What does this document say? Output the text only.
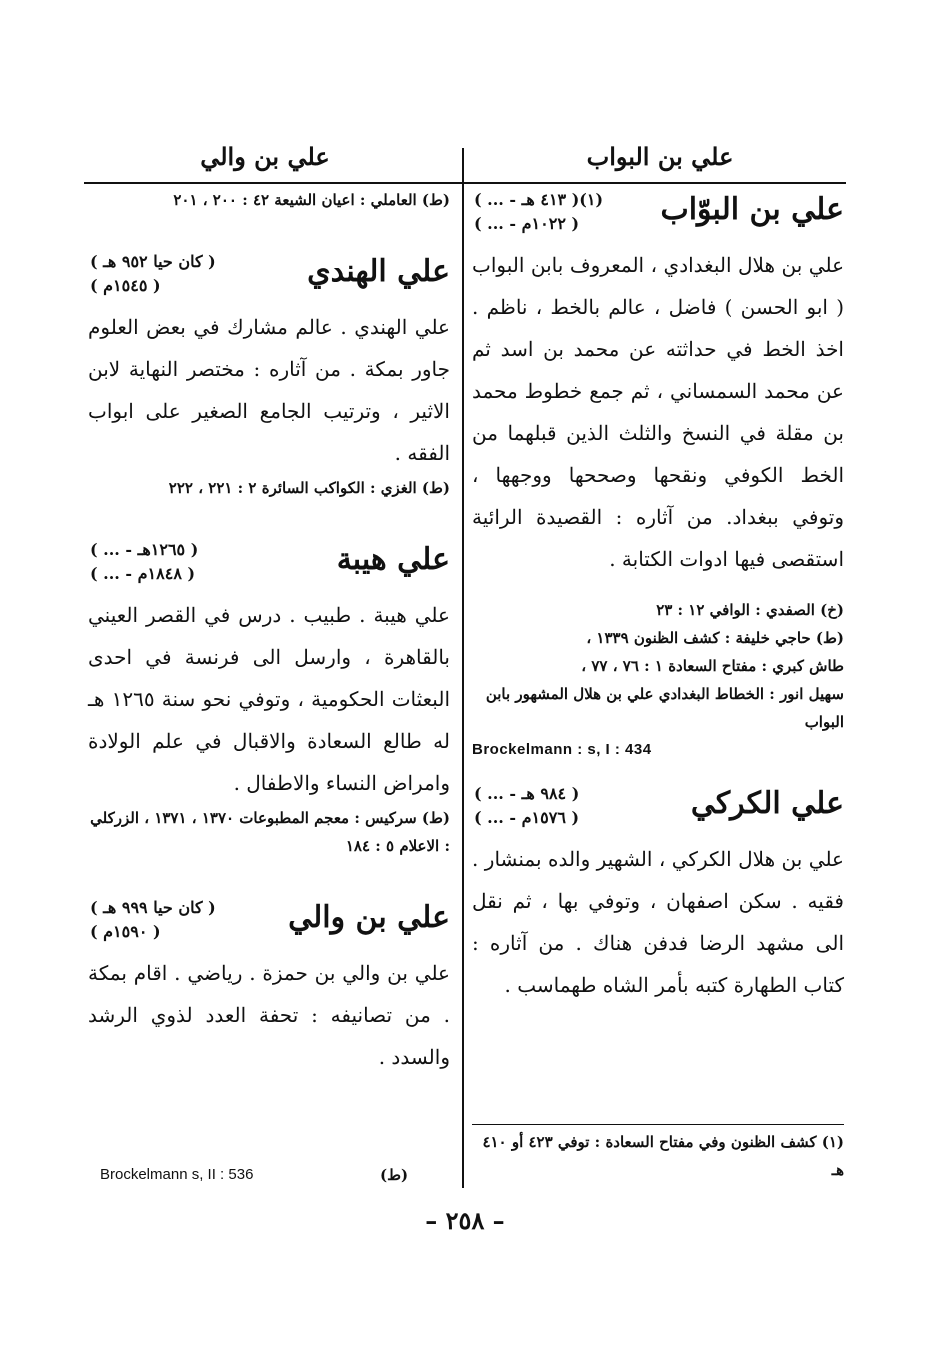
علي بن البواب
علي بن والي
علي بن البوّاب
( ... - ٤١٣ هـ )(١)
( ... - ١٠٢٢م )

علي بن هلال البغدادي ، المعروف بابن البواب ( ابو الحسن ) فاضل ، عالم بالخط ، ناظم . اخذ الخط في حداثته عن محمد بن اسد ثم عن محمد السمساني ، ثم جمع خطوط محمد بن مقلة في النسخ والثلث الذين قبلهما من الخط الكوفي ونقحها وصححها ووجهها ، وتوفي ببغداد. من آثاره : القصيدة الرائية استقصى فيها ادوات الكتابة .

(خ) الصفدي : الوافي ١٢ : ٢٣

(ط) حاجي خليفة : كشف الظنون ١٣٣٩ ،

طاش كبري : مفتاح السعادة ١ : ٧٦ ، ٧٧ ،

سهيل انور : الخطاط البغدادي علي بن هلال المشهور بابن البواب

Brockelmann : s, I : 434

علي الكركي
( ... - ٩٨٤ هـ )
( ... - ١٥٧٦م )

علي بن هلال الكركي ، الشهير والده بمنشار . فقيه . سكن اصفهان ، وتوفي بها ، ثم نقل الى مشهد الرضا فدفن هناك . من آثاره : كتاب الطهارة كتبه بأمر الشاه طهماسب .

(١) كشف الظنون وفي مفتاح السعادة : توفي ٤٢٣ أو ٤١٠ هـ

(ط) العاملي : اعيان الشيعة ٤٢ : ٢٠٠ ، ٢٠١

علي الهندي
( كان حيا ٩٥٢ هـ )
( ١٥٤٥م )

علي الهندي . عالم مشارك في بعض العلوم جاور بمكة . من آثاره : مختصر النهاية لابن الاثير ، وترتيب الجامع الصغير على ابواب الفقه .

(ط) الغزي : الكواكب السائرة ٢ : ٢٢١ ، ٢٢٢

علي هيبة
( ... - ١٢٦٥هـ )
( ... - ١٨٤٨م )

علي هيبة . طبيب . درس في القصر العيني بالقاهرة ، وارسل الى فرنسة في احدى البعثات الحكومية ، وتوفي نحو سنة ١٢٦٥ هـ له طالع السعادة والاقبال في علم الولادة وامراض النساء والاطفال .

(ط) سركيس : معجم المطبوعات ١٣٧٠ ، ١٣٧١ ، الزركلي : الاعلام ٥ : ١٨٤

علي بن والي
( كان حيا ٩٩٩ هـ )
( ١٥٩٠م )

علي بن والي بن حمزة . رياضي . اقام بمكة . من تصانيفه : تحفة العدد لذوي الرشد والسدد .

Brockelmann s, II : 536	(ط)
– ٢٥٨ –
